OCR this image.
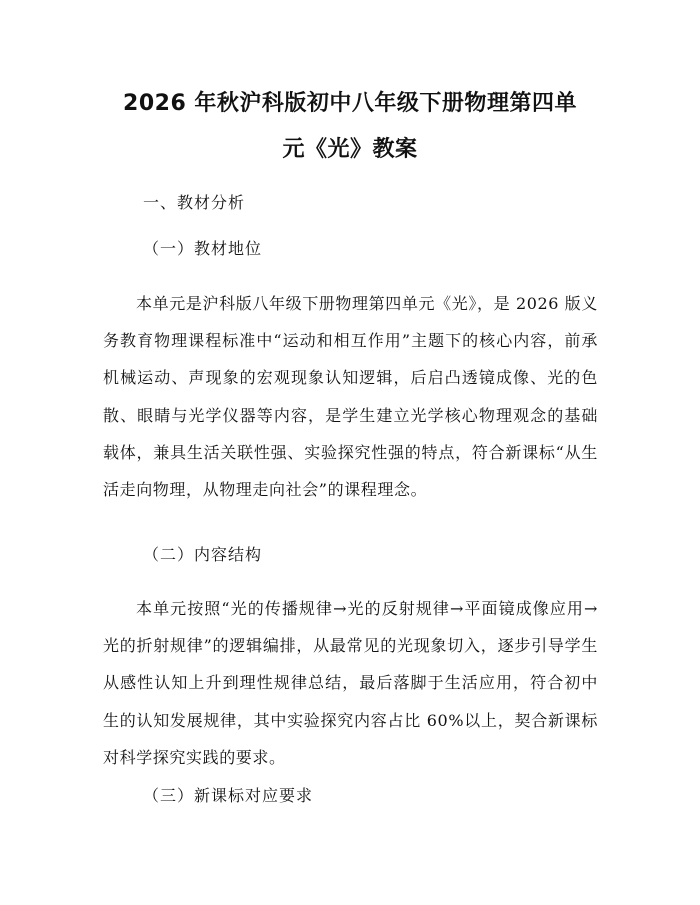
2026 年秋沪科版初中八年级下册物理第四单
元《光》教案

一、教材分析

（一）教材地位

本单元是沪科版八年级下册物理第四单元《光》，是 2026 版义务教育物理课程标准中“运动和相互作用”主题下的核心内容，前承机械运动、声现象的宏观现象认知逻辑，后启凸透镜成像、光的色散、眼睛与光学仪器等内容，是学生建立光学核心物理观念的基础载体，兼具生活关联性强、实验探究性强的特点，符合新课标“从生活走向物理，从物理走向社会”的课程理念。

（二）内容结构

本单元按照“光的传播规律→光的反射规律→平面镜成像应用→光的折射规律”的逻辑编排，从最常见的光现象切入，逐步引导学生从感性认知上升到理性规律总结，最后落脚于生活应用，符合初中生的认知发展规律，其中实验探究内容占比 60%以上，契合新课标对科学探究实践的要求。

（三）新课标对应要求
